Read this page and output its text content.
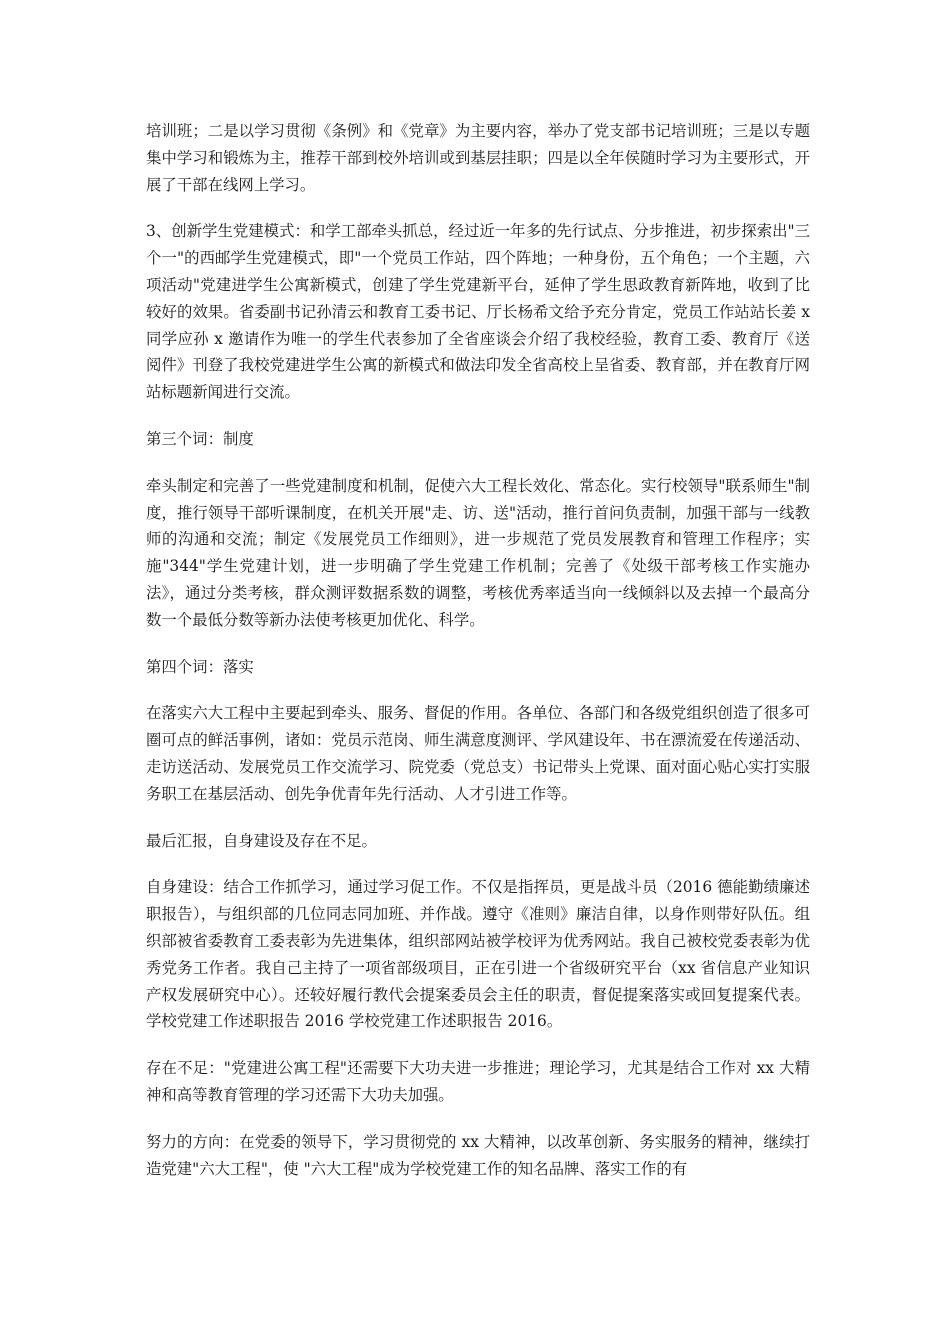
培训班；二是以学习贯彻《条例》和《党章》为主要内容，举办了党支部书记培训班；三是以专题集中学习和锻炼为主，推荐干部到校外培训或到基层挂职；四是以全年侯随时学习为主要形式，开展了干部在线网上学习。

3、创新学生党建模式：和学工部牵头抓总，经过近一年多的先行试点、分步推进，初步探索出"三个一"的西邮学生党建模式，即"一个党员工作站，四个阵地；一种身份，五个角色；一个主题，六项活动"党建进学生公寓新模式，创建了学生党建新平台，延伸了学生思政教育新阵地，收到了比较好的效果。省委副书记孙清云和教育工委书记、厅长杨希文给予充分肯定，党员工作站站长姜 x 同学应孙 x 邀请作为唯一的学生代表参加了全省座谈会介绍了我校经验，教育工委、教育厅《送阅件》刊登了我校党建进学生公寓的新模式和做法印发全省高校上呈省委、教育部，并在教育厅网站标题新闻进行交流。

第三个词：制度

牵头制定和完善了一些党建制度和机制，促使六大工程长效化、常态化。实行校领导"联系师生"制度，推行领导干部听课制度，在机关开展"走、访、送"活动，推行首问负责制，加强干部与一线教师的沟通和交流；制定《发展党员工作细则》，进一步规范了党员发展教育和管理工作程序；实施"344"学生党建计划，进一步明确了学生党建工作机制；完善了《处级干部考核工作实施办法》，通过分类考核，群众测评数据系数的调整，考核优秀率适当向一线倾斜以及去掉一个最高分数一个最低分数等新办法使考核更加优化、科学。

第四个词：落实

在落实六大工程中主要起到牵头、服务、督促的作用。各单位、各部门和各级党组织创造了很多可圈可点的鲜活事例，诸如：党员示范岗、师生满意度测评、学风建设年、书在漂流爱在传递活动、走访送活动、发展党员工作交流学习、院党委（党总支）书记带头上党课、面对面心贴心实打实服务职工在基层活动、创先争优青年先行活动、人才引进工作等。

最后汇报，自身建设及存在不足。

自身建设：结合工作抓学习，通过学习促工作。不仅是指挥员，更是战斗员（2016 德能勤绩廉述职报告），与组织部的几位同志同加班、并作战。遵守《准则》廉洁自律，以身作则带好队伍。组织部被省委教育工委表彰为先进集体，组织部网站被学校评为优秀网站。我自己被校党委表彰为优秀党务工作者。我自己主持了一项省部级项目，正在引进一个省级研究平台（xx 省信息产业知识产权发展研究中心）。还较好履行教代会提案委员会主任的职责，督促提案落实或回复提案代表。学校党建工作述职报告 2016 学校党建工作述职报告 2016。

存在不足："党建进公寓工程"还需要下大功夫进一步推进；理论学习，尤其是结合工作对 xx 大精神和高等教育管理的学习还需下大功夫加强。

努力的方向：在党委的领导下，学习贯彻党的 xx 大精神，以改革创新、务实服务的精神，继续打造党建"六大工程"，使 "六大工程"成为学校党建工作的知名品牌、落实工作的有
